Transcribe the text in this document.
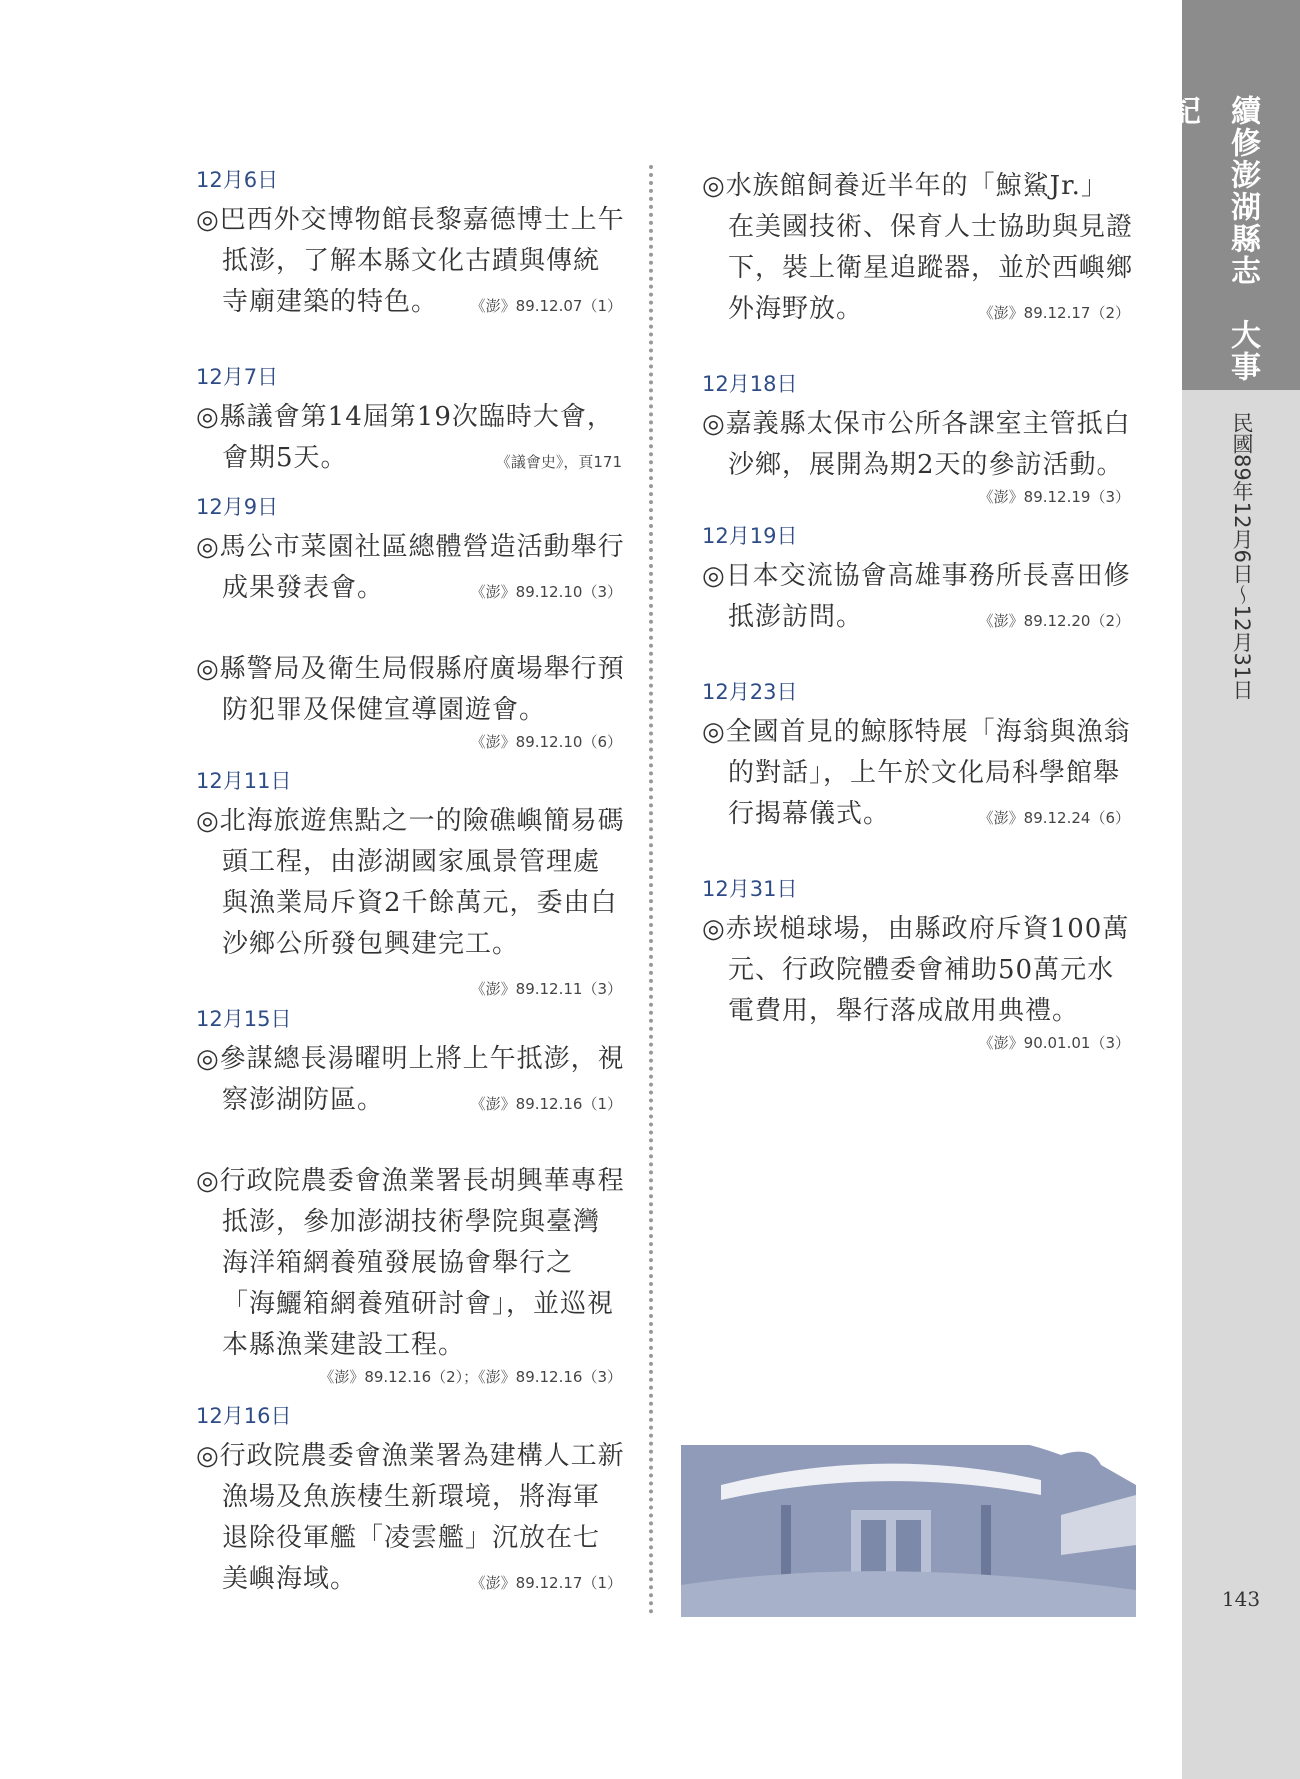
12月6日
◎巴西外交博物館長黎嘉德博士上午抵澎，了解本縣文化古蹟與傳統寺廟建築的特色。 《澎》89.12.07（1）
12月7日
◎縣議會第14屆第19次臨時大會，會期5天。	《議會史》，頁171
12月9日
◎馬公市菜園社區總體營造活動舉行成果發表會。	《澎》89.12.10（3）
◎縣警局及衛生局假縣府廣場舉行預防犯罪及保健宣導園遊會。
《澎》89.12.10（6）
12月11日
◎北海旅遊焦點之一的險礁嶼簡易碼頭工程，由澎湖國家風景管理處與漁業局斥資2千餘萬元，委由白沙鄉公所發包興建完工。
《澎》89.12.11（3）
12月15日
◎參謀總長湯曜明上將上午抵澎，視察澎湖防區。	《澎》89.12.16（1）
◎行政院農委會漁業署長胡興華專程抵澎，參加澎湖技術學院與臺灣海洋箱網養殖發展協會舉行之「海鱺箱網養殖研討會」，並巡視本縣漁業建設工程。
《澎》89.12.16（2）；《澎》89.12.16（3）
12月16日
◎行政院農委會漁業署為建構人工新漁場及魚族棲生新環境，將海軍退除役軍艦「凌雲艦」沉放在七美嶼海域。	《澎》89.12.17（1）
◎水族館飼養近半年的「鯨鯊Jr.」在美國技術、保育人士協助與見證下，裝上衛星追蹤器，並於西嶼鄉外海野放。	《澎》89.12.17（2）
12月18日
◎嘉義縣太保市公所各課室主管抵白沙鄉，展開為期2天的參訪活動。
《澎》89.12.19（3）
12月19日
◎日本交流協會高雄事務所長喜田修抵澎訪問。	《澎》89.12.20（2）
12月23日
◎全國首見的鯨豚特展「海翁與漁翁的對話」，上午於文化局科學館舉行揭幕儀式。	《澎》89.12.24（6）
12月31日
◎赤崁槌球場，由縣政府斥資100萬元、行政院體委會補助50萬元水電費用，舉行落成啟用典禮。
《澎》90.01.01（3）
續修澎湖縣志　大事記
民國89年12月6日～12月31日
143
